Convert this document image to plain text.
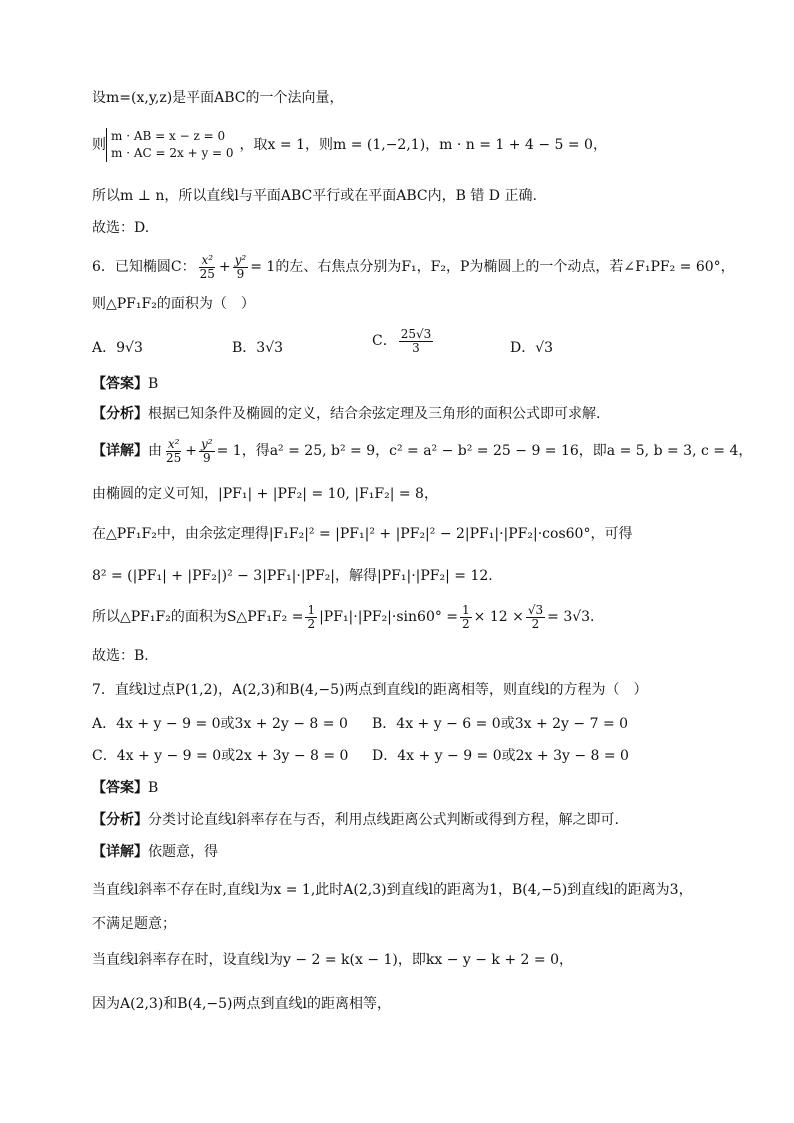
设m=(x,y,z)是平面ABC的一个法向量，
则
m · AB = x − z = 0
m · AC = 2x + y = 0 ，取x = 1，则m = (1,−2,1)，m · n = 1 + 4 − 5 = 0，
所以m ⊥ n，所以直线l与平面ABC平行或在平面ABC内，B 错 D 正确.
故选：D.
6．已知椭圆C： $\frac{\text{x²}}{25} + \frac{\text{y²}}{9} = 1$的左、右焦点分别为F₁，F₂，P为椭圆上的一个动点，若∠F₁PF₂ = 60°，
则△PF₁F₂的面积为（　）
A．9√3	B．3√3	C． $\frac{25√3}{3}$	D．√3
【答案】B
【分析】根据已知条件及椭圆的定义，结合余弦定理及三角形的面积公式即可求解.
【详解】 由 $\frac{\text{x²}}{25} + \frac{\text{y²}}{9} = 1$，得a² = 25, b² = 9，c² = a² − b² = 25 − 9 = 16，即a = 5, b = 3, c = 4，
由椭圆的定义可知，|PF₁| + |PF₂| = 10, |F₁F₂| = 8，
在△PF₁F₂中，由余弦定理得|F₁F₂|² = |PF₁|² + |PF₂|² − 2|PF₁|·|PF₂|·cos60°，可得
8² = (|PF₁| + |PF₂|)² − 3|PF₁|·|PF₂|，解得|PF₁|·|PF₂| = 12.
所以△PF₁F₂的面积为S△PF₁F₂ = $\frac{1}{2} |PF_1|\cdot|PF_2|\cdot\sin 60^\circ = \frac{1}{2} \times 12 \times \frac{√3}{2} = 3√3$.
故选：B.
7．直线l过点P(1,2)，A(2,3)和B(4,−5)两点到直线l的距离相等，则直线l的方程为（　）
A．4x + y − 9 = 0或3x + 2y − 8 = 0 B．4x + y − 6 = 0或3x + 2y − 7 = 0
C．4x + y − 9 = 0或2x + 3y − 8 = 0 D．4x + y − 9 = 0或2x + 3y − 8 = 0
【答案】B
【分析】分类讨论直线l斜率存在与否，利用点线距离公式判断或得到方程，解之即可.
【详解】依题意，得
当直线l斜率不存在时,直线l为x = 1,此时A(2,3)到直线l的距离为1，B(4,−5)到直线l的距离为3，
不满足题意；
当直线l斜率存在时，设直线l为y − 2 = k(x − 1)，即kx − y − k + 2 = 0，
因为A(2,3)和B(4,−5)两点到直线l的距离相等，
